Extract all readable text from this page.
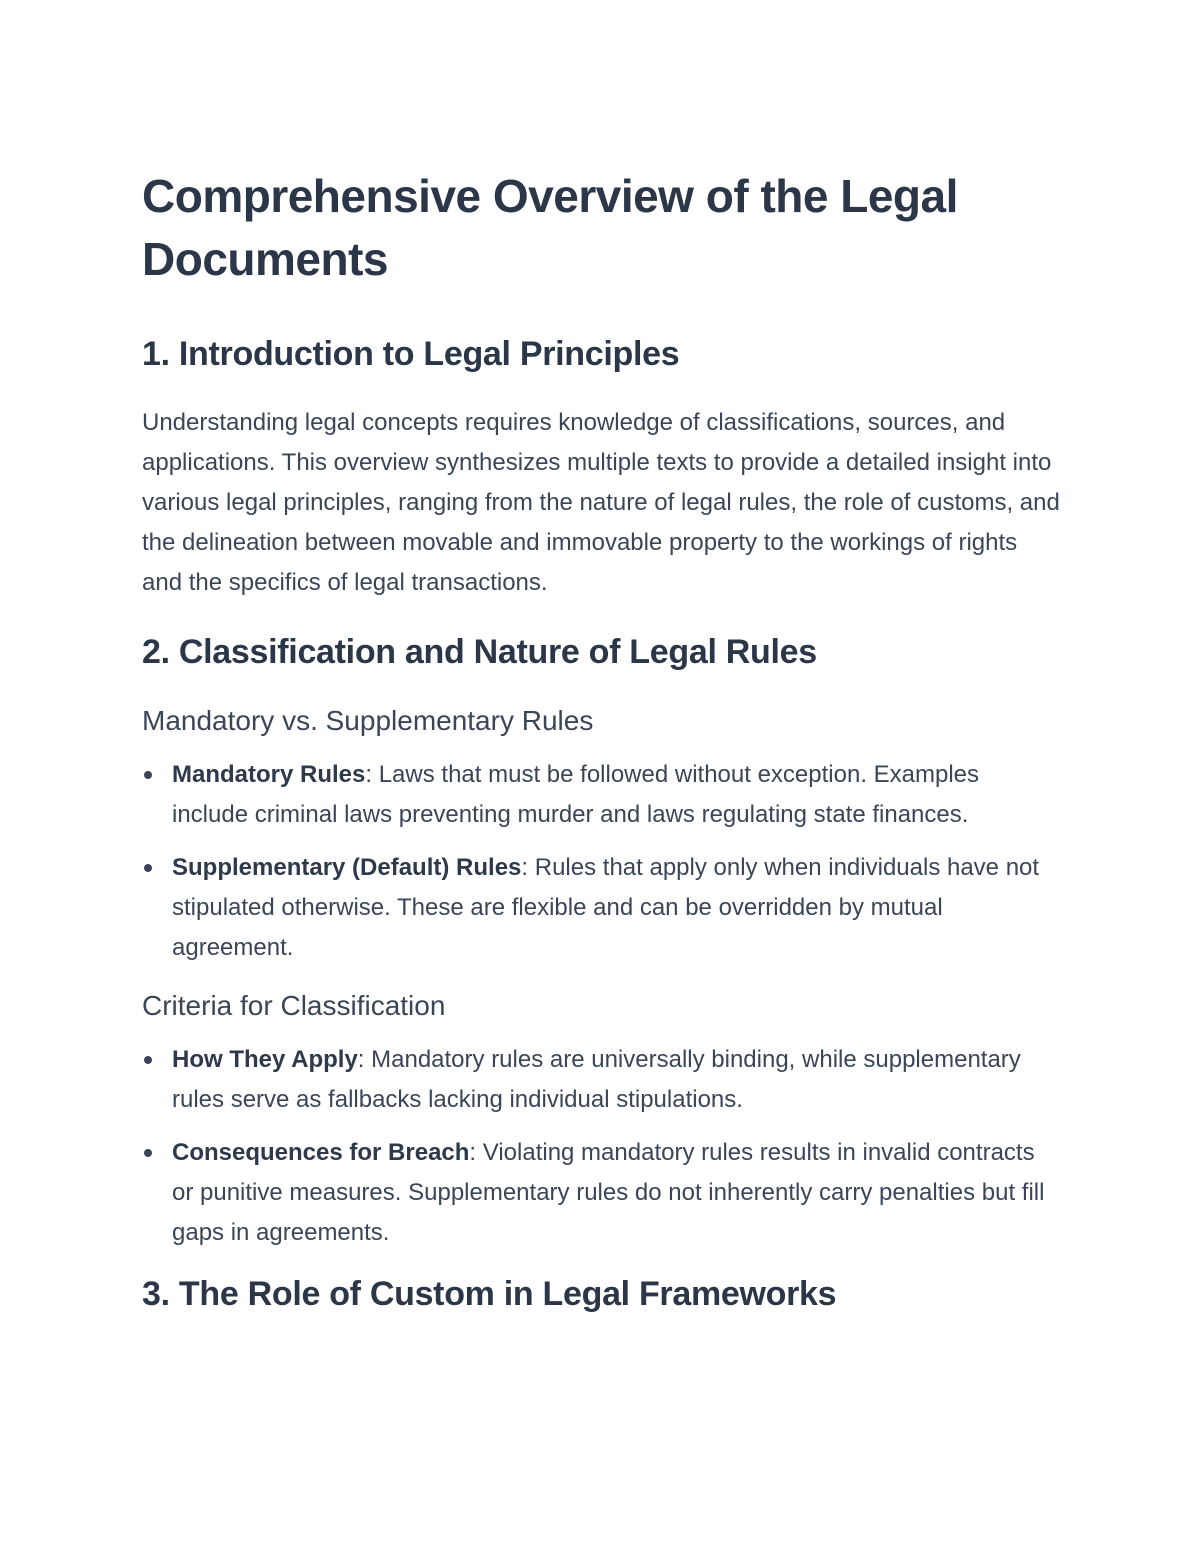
Comprehensive Overview of the Legal Documents
1. Introduction to Legal Principles

Understanding legal concepts requires knowledge of classifications, sources, and applications. This overview synthesizes multiple texts to provide a detailed insight into various legal principles, ranging from the nature of legal rules, the role of customs, and the delineation between movable and immovable property to the workings of rights and the specifics of legal transactions.

2. Classification and Nature of Legal Rules
Mandatory vs. Supplementary Rules
Mandatory Rules: Laws that must be followed without exception. Examples include criminal laws preventing murder and laws regulating state finances.
Supplementary (Default) Rules: Rules that apply only when individuals have not stipulated otherwise. These are flexible and can be overridden by mutual agreement.
Criteria for Classification
How They Apply: Mandatory rules are universally binding, while supplementary rules serve as fallbacks lacking individual stipulations.
Consequences for Breach: Violating mandatory rules results in invalid contracts or punitive measures. Supplementary rules do not inherently carry penalties but fill gaps in agreements.
3. The Role of Custom in Legal Frameworks
